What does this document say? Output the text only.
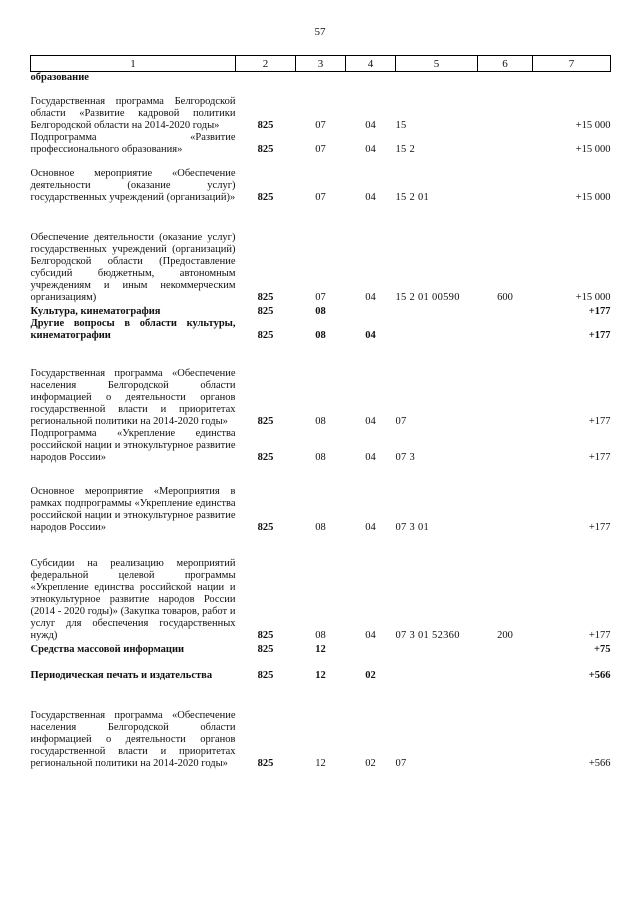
57
1	2	3	4	5	6	7
образование						
Государственная программа Белгородской области «Развитие кадровой политики Белгородской области на 2014-2020 годы»	825	07	04	15		+15 000
Подпрограмма «Развитие профессионального образования»	825	07	04	15 2		+15 000
Основное мероприятие «Обеспечение деятельности (оказание услуг) государственных учреждений (организаций)»	825	07	04	15 2 01		+15 000
Обеспечение деятельности (оказание услуг) государственных учреждений (организаций) Белгородской области (Предоставление субсидий бюджетным, автономным учреждениям и иным некоммерческим организациям)	825	07	04	15 2 01 00590	600	+15 000
Культура, кинематография	825	08				+177
Другие вопросы в области культуры, кинематографии	825	08	04			+177
Государственная программа «Обеспечение населения Белгородской области информацией о деятельности органов государственной власти и приоритетах региональной политики на 2014-2020 годы»	825	08	04	07		+177
Подпрограмма «Укрепление единства российской нации и этнокультурное развитие народов России»	825	08	04	07 3		+177
Основное мероприятие «Мероприятия в рамках подпрограммы «Укрепление единства российской нации и этнокультурное развитие народов России»	825	08	04	07 3 01		+177
Субсидии на реализацию мероприятий федеральной целевой программы «Укрепление единства российской нации и этнокультурное развитие народов России (2014 - 2020 годы)» (Закупка товаров, работ и услуг для обеспечения государственных нужд)	825	08	04	07 3 01 52360	200	+177
Средства массовой информации	825	12				+75
Периодическая печать и издательства	825	12	02			+566
Государственная программа «Обеспечение населения Белгородской области информацией о деятельности органов государственной власти и приоритетах региональной политики на 2014-2020 годы»	825	12	02	07		+566
